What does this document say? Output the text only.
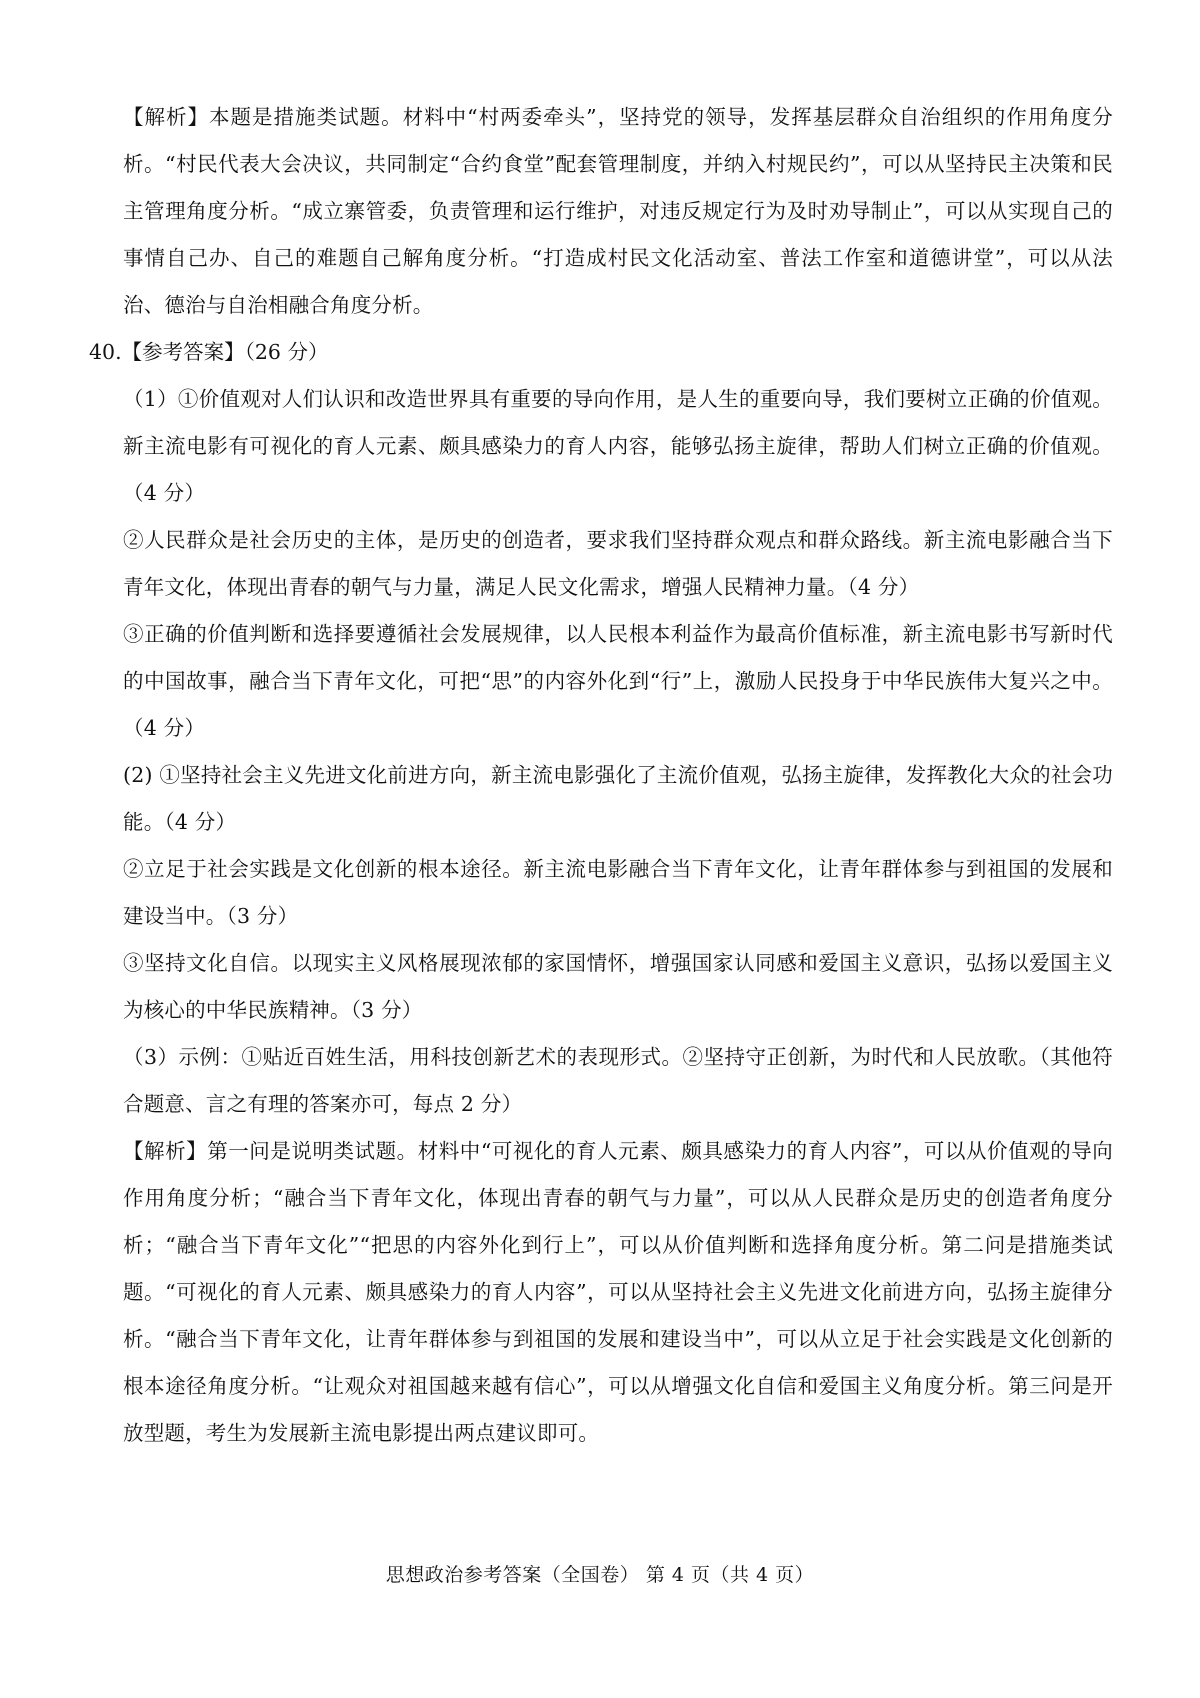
【解析】本题是措施类试题。材料中“村两委牵头”，坚持党的领导，发挥基层群众自治组织的作用角度分析。“村民代表大会决议，共同制定“合约食堂”配套管理制度，并纳入村规民约”，可以从坚持民主决策和民主管理角度分析。“成立寨管委，负责管理和运行维护，对违反规定行为及时劝导制止”，可以从实现自己的事情自己办、自己的难题自己解角度分析。“打造成村民文化活动室、普法工作室和道德讲堂”，可以从法治、德治与自治相融合角度分析。

40.【参考答案】（26 分）

（1）①价值观对人们认识和改造世界具有重要的导向作用，是人生的重要向导，我们要树立正确的价值观。新主流电影有可视化的育人元素、颇具感染力的育人内容，能够弘扬主旋律，帮助人们树立正确的价值观。（4 分）

②人民群众是社会历史的主体，是历史的创造者，要求我们坚持群众观点和群众路线。新主流电影融合当下青年文化，体现出青春的朝气与力量，满足人民文化需求，增强人民精神力量。（4 分）

③正确的价值判断和选择要遵循社会发展规律，以人民根本利益作为最高价值标准，新主流电影书写新时代的中国故事，融合当下青年文化，可把“思”的内容外化到“行”上，激励人民投身于中华民族伟大复兴之中。（4 分）

(2) ①坚持社会主义先进文化前进方向，新主流电影强化了主流价值观，弘扬主旋律，发挥教化大众的社会功能。（4 分）

②立足于社会实践是文化创新的根本途径。新主流电影融合当下青年文化，让青年群体参与到祖国的发展和建设当中。（3 分）

③坚持文化自信。以现实主义风格展现浓郁的家国情怀，增强国家认同感和爱国主义意识，弘扬以爱国主义为核心的中华民族精神。（3 分）

（3）示例：①贴近百姓生活，用科技创新艺术的表现形式。②坚持守正创新，为时代和人民放歌。（其他符合题意、言之有理的答案亦可，每点 2 分）

【解析】第一问是说明类试题。材料中“可视化的育人元素、颇具感染力的育人内容”，可以从价值观的导向作用角度分析；“融合当下青年文化，体现出青春的朝气与力量”，可以从人民群众是历史的创造者角度分析；“融合当下青年文化”“把思的内容外化到行上”，可以从价值判断和选择角度分析。第二问是措施类试题。“可视化的育人元素、颇具感染力的育人内容”，可以从坚持社会主义先进文化前进方向，弘扬主旋律分析。“融合当下青年文化，让青年群体参与到祖国的发展和建设当中”，可以从立足于社会实践是文化创新的根本途径角度分析。“让观众对祖国越来越有信心”，可以从增强文化自信和爱国主义角度分析。第三问是开放型题，考生为发展新主流电影提出两点建议即可。

思想政治参考答案（全国卷） 第 4 页（共 4 页）
